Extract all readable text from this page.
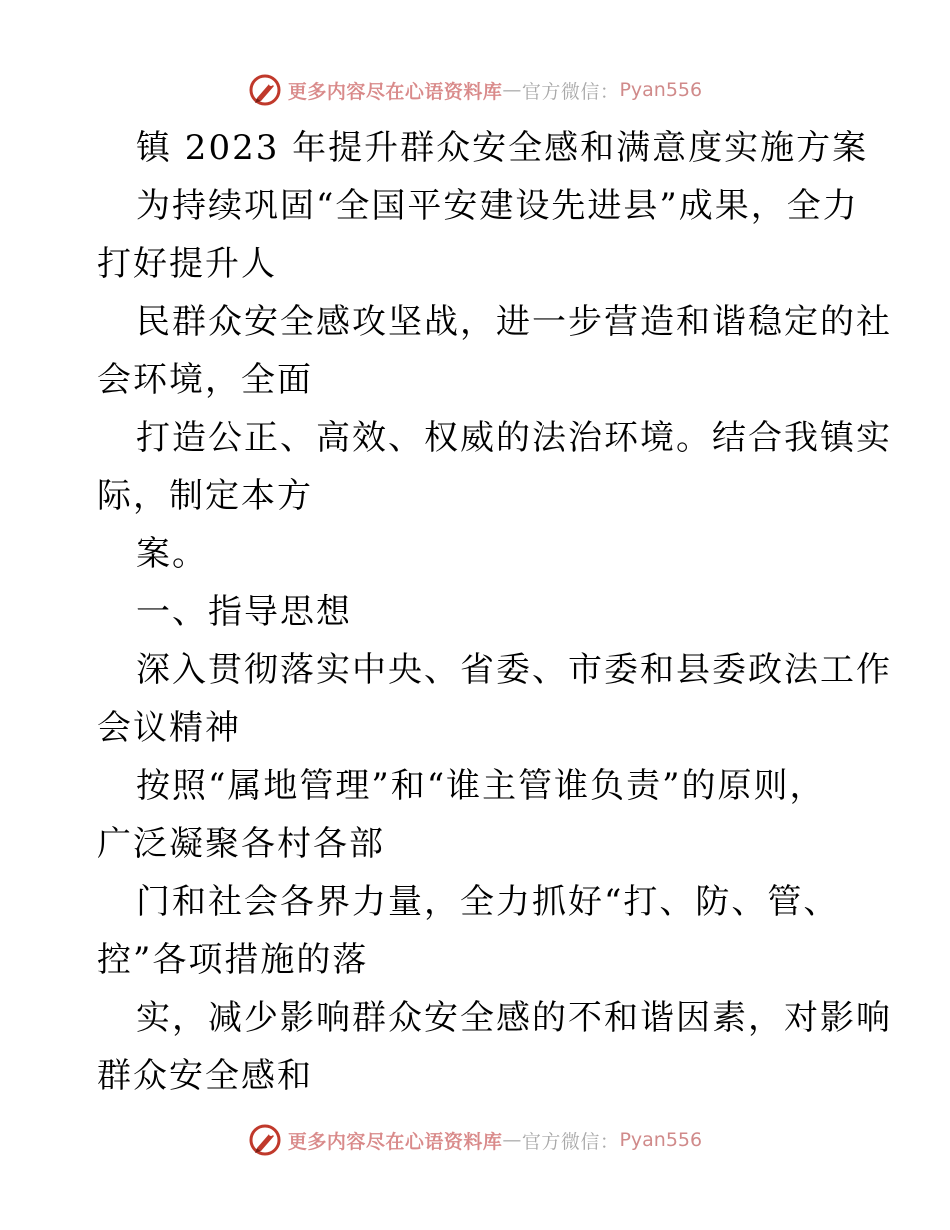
更多内容尽在心语资料库 — 官方微信： Pyan556
镇 2023 年提升群众安全感和满意度实施方案
为持续巩固“全国平安建设先进县”成果，全力
打好提升人
民群众安全感攻坚战，进一步营造和谐稳定的社
会环境，全面
打造公正、高效、权威的法治环境。结合我镇实
际，制定本方
案。
一、指导思想
深入贯彻落实中央、省委、市委和县委政法工作
会议精神
按照“属地管理”和“谁主管谁负责”的原则，
广泛凝聚各村各部
门和社会各界力量，全力抓好“打、防、管、
控”各项措施的落
实，减少影响群众安全感的不和谐因素，对影响
群众安全感和
更多内容尽在心语资料库 — 官方微信： Pyan556
